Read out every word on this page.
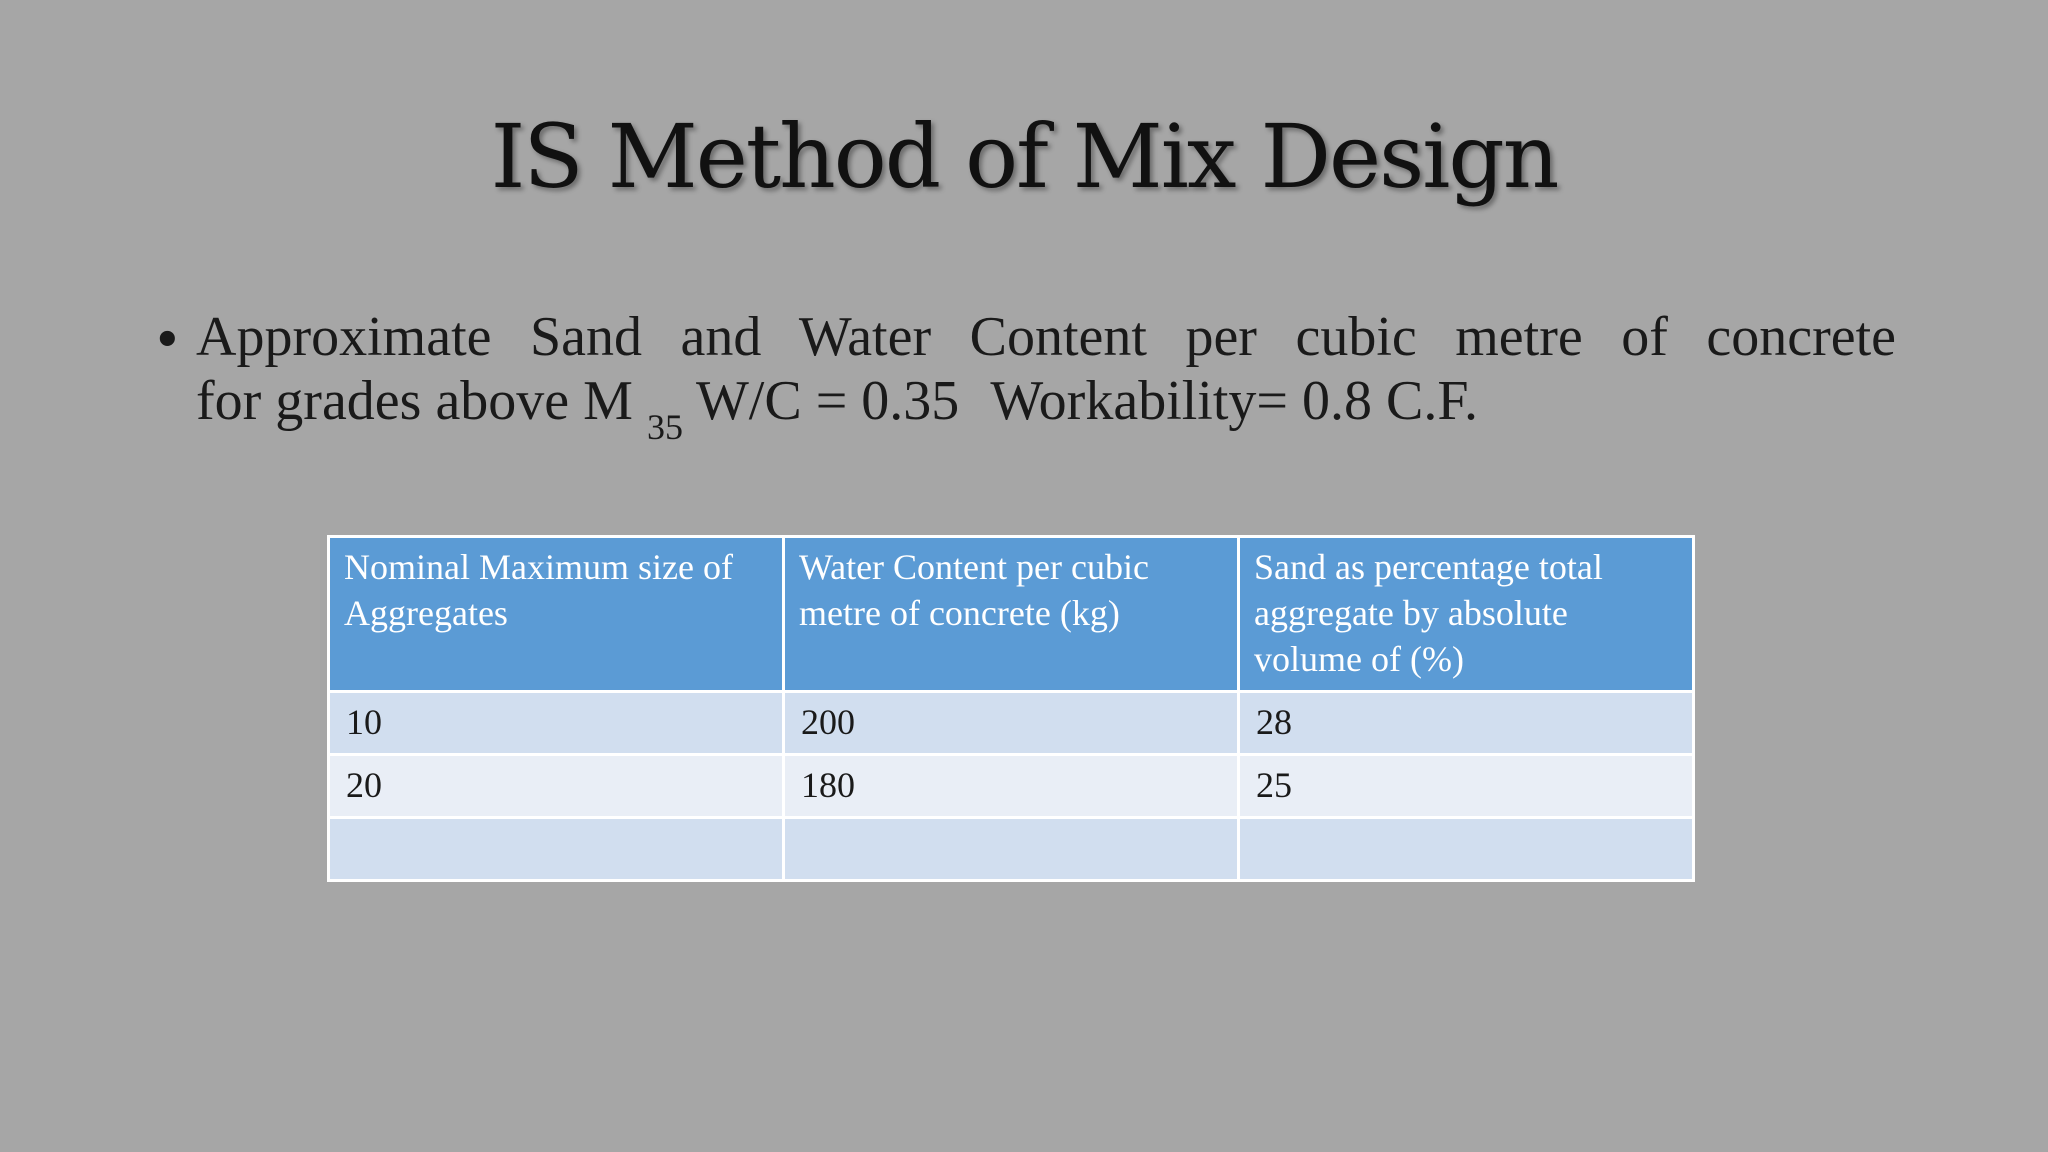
IS Method of Mix Design
• Approximate Sand and Water Content per cubic metre of concrete
for grades above M $_{35}$ W/C = 0.35 Workability= 0.8 C.F.
Nominal Maximum size of Aggregates	Water Content per cubic metre of concrete (kg)	Sand as percentage total aggregate by absolute volume of (%)
10	200	28
20	180	25
